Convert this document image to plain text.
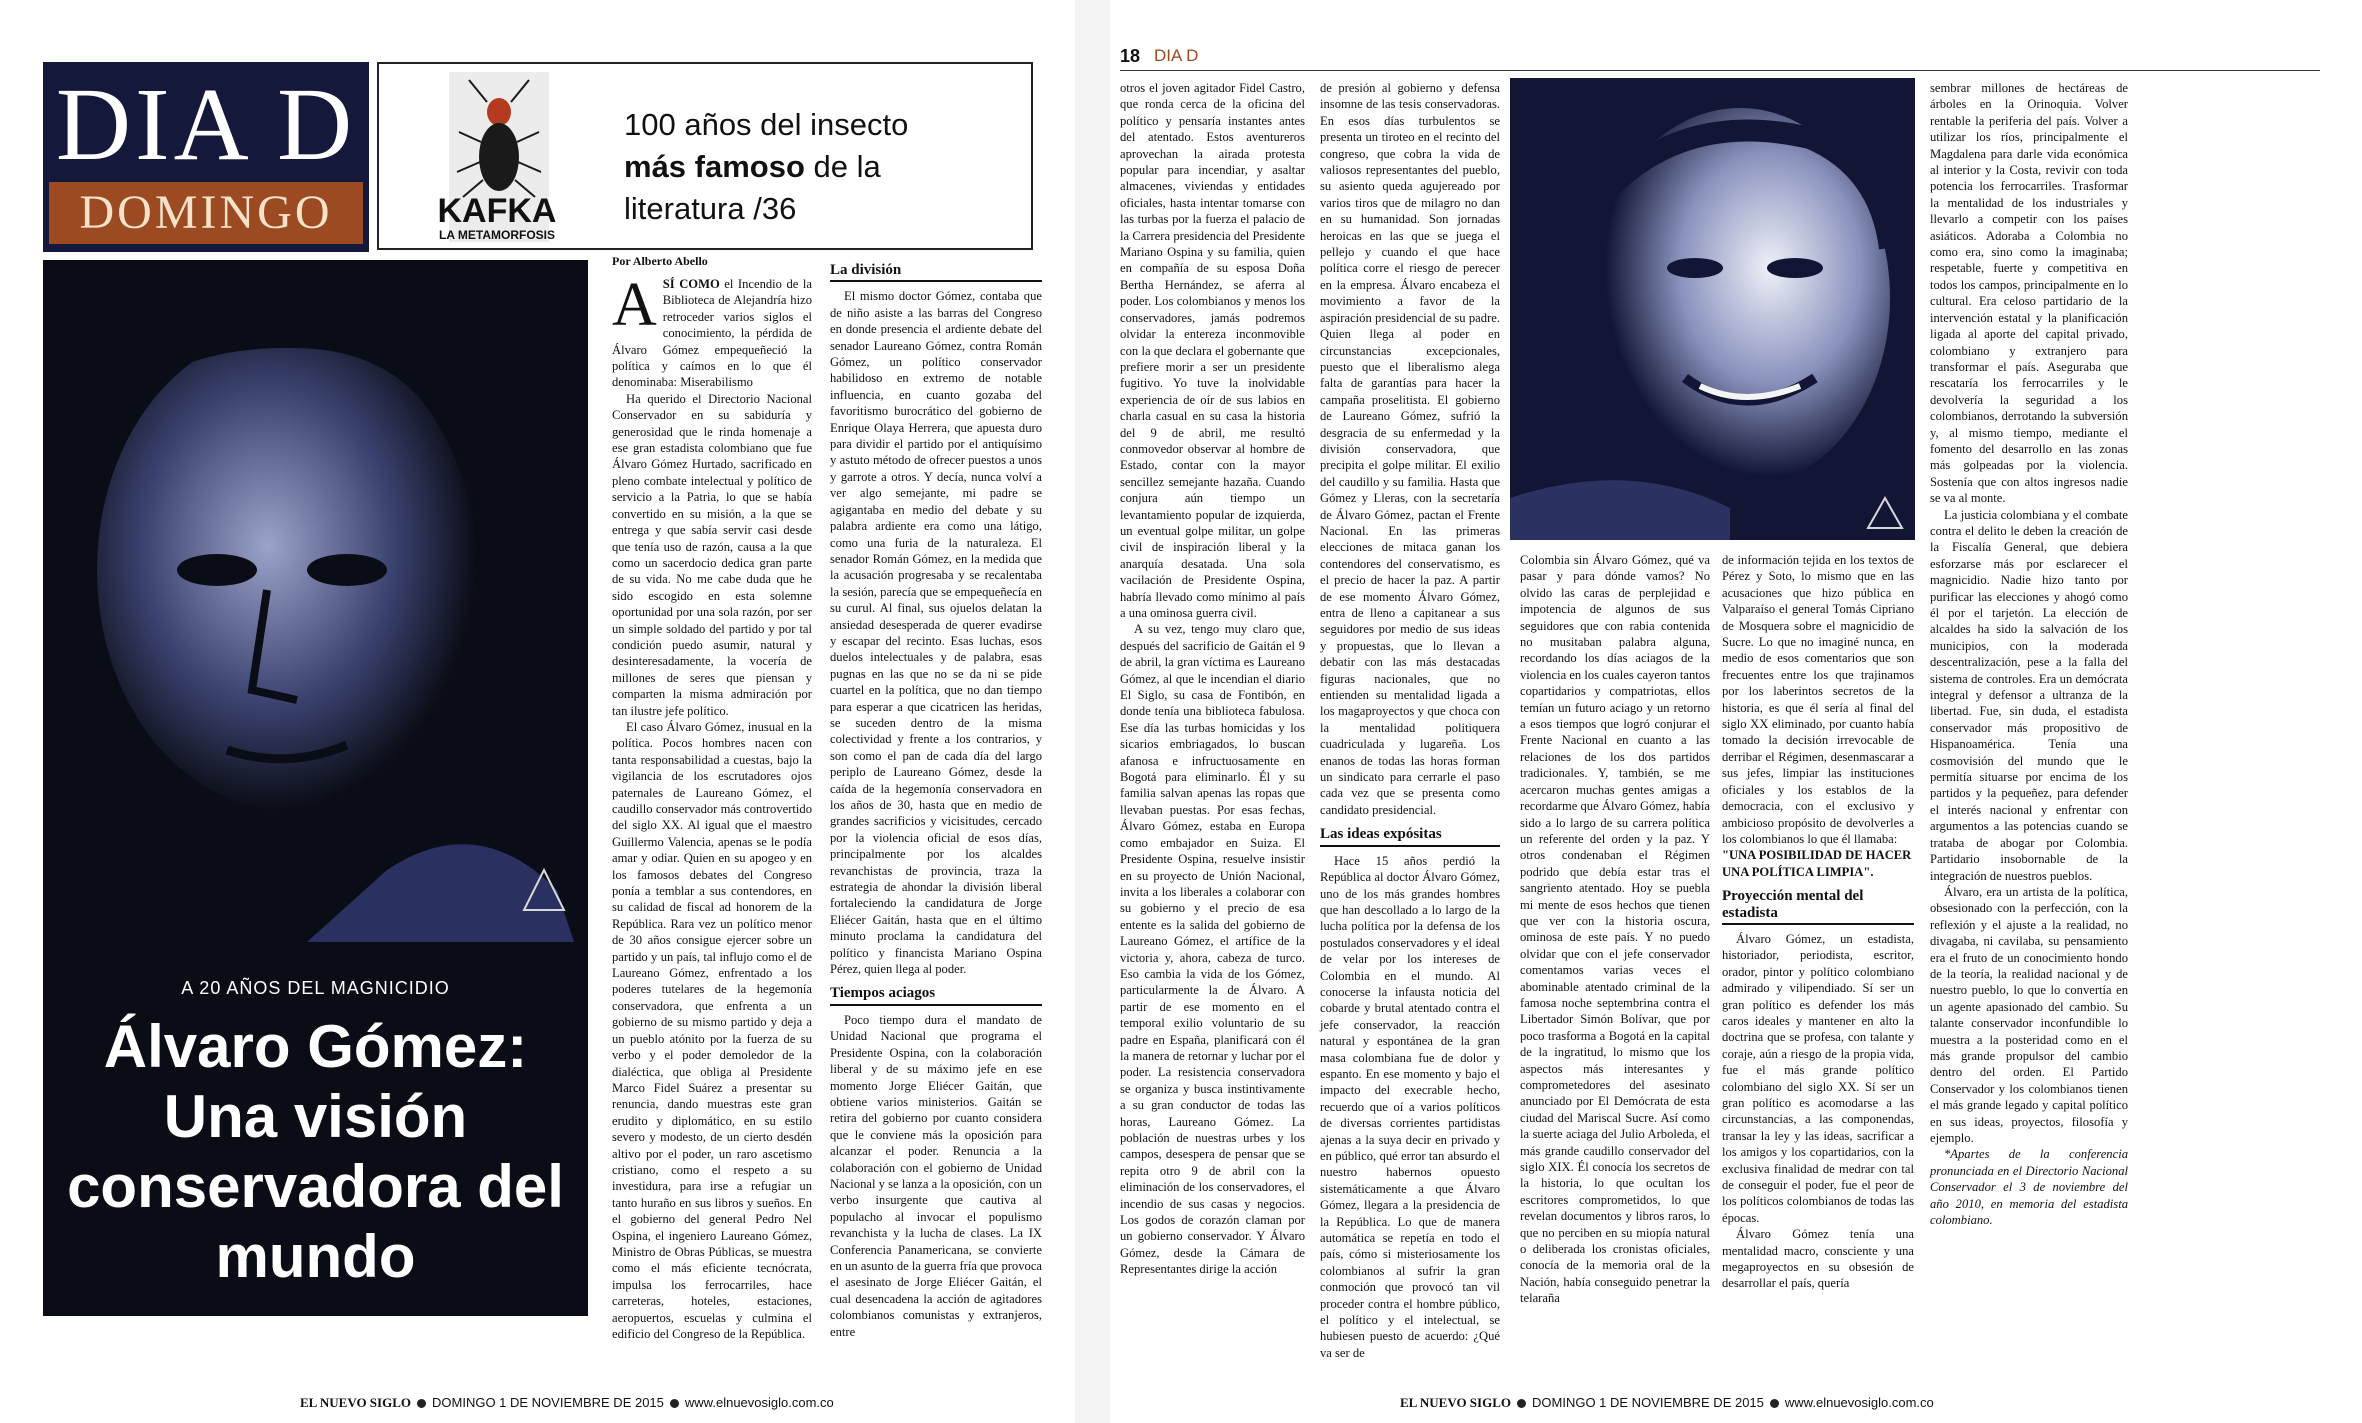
DIA D
DOMINGO	KAFKA
LA METAMORFOSIS
100 años del insecto
más famoso de la
literatura /36
A 20 AÑOS DEL MAGNICIDIO
Álvaro Gómez: Una visión conservadora del mundo
Por Alberto Abello

ASÍ COMO el Incendio de la Biblioteca de Alejandría hizo retroceder varios siglos el conocimiento, la pérdida de Álvaro Gómez empequeñeció la política y caímos en lo que él denominaba: Miserabilismo

Ha querido el Directorio Nacional Conservador en su sabiduría y generosidad que le rinda homenaje a ese gran estadista colombiano que fue Álvaro Gómez Hurtado, sacrificado en pleno combate intelectual y político de servicio a la Patria, lo que se había convertido en su misión, a la que se entrega y que sabía servir casi desde que tenía uso de razón, causa a la que como un sacerdocio dedica gran parte de su vida. No me cabe duda que he sido escogido en esta solemne oportunidad por una sola razón, por ser un simple soldado del partido y por tal condición puedo asumir, natural y desinteresadamente, la vocería de millones de seres que piensan y comparten la misma admiración por tan ilustre jefe político.

El caso Álvaro Gómez, inusual en la política. Pocos hombres nacen con tanta responsabilidad a cuestas, bajo la vigilancia de los escrutadores ojos paternales de Laureano Gómez, el caudillo conservador más controvertido del siglo XX. Al igual que el maestro Guillermo Valencia, apenas se le podía amar y odiar. Quien en su apogeo y en los famosos debates del Congreso ponía a temblar a sus contendores, en su calidad de fiscal ad honorem de la República. Rara vez un político menor de 30 años consigue ejercer sobre un partido y un país, tal influjo como el de Laureano Gómez, enfrentado a los poderes tutelares de la hegemonía conservadora, que enfrenta a un gobierno de su mismo partido y deja a un pueblo atónito por la fuerza de su verbo y el poder demoledor de la dialéctica, que obliga al Presidente Marco Fidel Suárez a presentar su renuncia, dando muestras este gran erudito y diplomático, en su estilo severo y modesto, de un cierto desdén altivo por el poder, un raro ascetismo cristiano, como el respeto a su investidura, para irse a refugiar un tanto huraño en sus libros y sueños. En el gobierno del general Pedro Nel Ospina, el ingeniero Laureano Gómez, Ministro de Obras Públicas, se muestra como el más eficiente tecnócrata, impulsa los ferrocarriles, hace carreteras, hoteles, estaciones, aeropuertos, escuelas y culmina el edificio del Congreso de la República.

La división

El mismo doctor Gómez, contaba que de niño asiste a las barras del Congreso en donde presencia el ardiente debate del senador Laureano Gómez, contra Román Gómez, un político conservador habilidoso en extremo de notable influencia, en cuanto gozaba del favoritismo burocrático del gobierno de Enrique Olaya Herrera, que apuesta duro para dividir el partido por el antiquísimo y astuto método de ofrecer puestos a unos y garrote a otros. Y decía, nunca volví a ver algo semejante, mi padre se agigantaba en medio del debate y su palabra ardiente era como una látigo, como una furia de la naturaleza. El senador Román Gómez, en la medida que la acusación progresaba y se recalentaba la sesión, parecía que se empequeñecía en su curul. Al final, sus ojuelos delatan la ansiedad desesperada de querer evadirse y escapar del recinto. Esas luchas, esos duelos intelectuales y de palabra, esas pugnas en las que no se da ni se pide cuartel en la política, que no dan tiempo para esperar a que cicatricen las heridas, se suceden dentro de la misma colectividad y frente a los contrarios, y son como el pan de cada día del largo periplo de Laureano Gómez, desde la caída de la hegemonía conservadora en los años de 30, hasta que en medio de grandes sacrificios y vicisitudes, cercado por la violencia oficial de esos días, principalmente por los alcaldes revanchistas de provincia, traza la estrategia de ahondar la división liberal fortaleciendo la candidatura de Jorge Eliécer Gaitán, hasta que en el último minuto proclama la candidatura del político y financista Mariano Ospina Pérez, quien llega al poder.

Tiempos aciagos

Poco tiempo dura el mandato de Unidad Nacional que programa el Presidente Ospina, con la colaboración liberal y de su máximo jefe en ese momento Jorge Eliécer Gaitán, que obtiene varios ministerios. Gaitán se retira del gobierno por cuanto considera que le conviene más la oposición para alcanzar el poder. Renuncia a la colaboración con el gobierno de Unidad Nacional y se lanza a la oposición, con un verbo insurgente que cautiva al populacho al invocar el populismo revanchista y la lucha de clases. La IX Conferencia Panamericana, se convierte en un asunto de la guerra fría que provoca el asesinato de Jorge Eliécer Gaitán, el cual desencadena la acción de agitadores colombianos comunistas y extranjeros, entre

EL NUEVO SIGLO DOMINGO 1 DE NOVIEMBRE DE 2015 www.elnuevosiglo.com.co
18 DIA D

otros el joven agitador Fidel Castro, que ronda cerca de la oficina del político y pensaría instantes antes del atentado. Estos aventureros aprovechan la airada protesta popular para incendiar, y asaltar almacenes, viviendas y entidades oficiales, hasta intentar tomarse con las turbas por la fuerza el palacio de la Carrera presidencia del Presidente Mariano Ospina y su familia, quien en compañía de su esposa Doña Bertha Hernández, se aferra al poder. Los colombianos y menos los conservadores, jamás podremos olvidar la entereza inconmovible con la que declara el gobernante que prefiere morir a ser un presidente fugitivo. Yo tuve la inolvidable experiencia de oír de sus labios en charla casual en su casa la historia del 9 de abril, me resultó conmovedor observar al hombre de Estado, contar con la mayor sencillez semejante hazaña. Cuando conjura aún tiempo un levantamiento popular de izquierda, un eventual golpe militar, un golpe civil de inspiración liberal y la anarquía desatada. Una sola vacilación de Presidente Ospina, habría llevado como mínimo al país a una ominosa guerra civil.

A su vez, tengo muy claro que, después del sacrificio de Gaitán el 9 de abril, la gran víctima es Laureano Gómez, al que le incendian el diario El Siglo, su casa de Fontibón, en donde tenía una biblioteca fabulosa. Ese día las turbas homicidas y los sicarios embriagados, lo buscan afanosa e infructuosamente en Bogotá para eliminarlo. Él y su familia salvan apenas las ropas que llevaban puestas. Por esas fechas, Álvaro Gómez, estaba en Europa como embajador en Suiza. El Presidente Ospina, resuelve insistir en su proyecto de Unión Nacional, invita a los liberales a colaborar con su gobierno y el precio de esa entente es la salida del gobierno de Laureano Gómez, el artífice de la victoria y, ahora, cabeza de turco. Eso cambia la vida de los Gómez, particularmente la de Álvaro. A partir de ese momento en el temporal exilio voluntario de su padre en España, planificará con él la manera de retornar y luchar por el poder. La resistencia conservadora se organiza y busca instintivamente a su gran conductor de todas las horas, Laureano Gómez. La población de nuestras urbes y los campos, desespera de pensar que se repita otro 9 de abril con la eliminación de los conservadores, el incendio de sus casas y negocios. Los godos de corazón claman por un gobierno conservador. Y Álvaro Gómez, desde la Cámara de Representantes dirige la acción

de presión al gobierno y defensa insomne de las tesis conservadoras. En esos días turbulentos se presenta un tiroteo en el recinto del congreso, que cobra la vida de valiosos representantes del pueblo, su asiento queda agujereado por varios tiros que de milagro no dan en su humanidad. Son jornadas heroicas en las que se juega el pellejo y cuando el que hace política corre el riesgo de perecer en la empresa. Álvaro encabeza el movimiento a favor de la aspiración presidencial de su padre. Quien llega al poder en circunstancias excepcionales, puesto que el liberalismo alega falta de garantías para hacer la campaña proselitista. El gobierno de Laureano Gómez, sufrió la desgracia de su enfermedad y la división conservadora, que precipita el golpe militar. El exilio del caudillo y su familia. Hasta que Gómez y Lleras, con la secretaría de Álvaro Gómez, pactan el Frente Nacional. En las primeras elecciones de mitaca ganan los contendores del conservatismo, es el precio de hacer la paz. A partir de ese momento Álvaro Gómez, entra de lleno a capitanear a sus seguidores por medio de sus ideas y propuestas, que lo llevan a debatir con las más destacadas figuras nacionales, que no entienden su mentalidad ligada a los magaproyectos y que choca con la mentalidad politiquera cuadriculada y lugareña. Los enanos de todas las horas forman un sindicato para cerrarle el paso cada vez que se presenta como candidato presidencial.

Las ideas expósitas

Hace 15 años perdió la República al doctor Álvaro Gómez, uno de los más grandes hombres que han descollado a lo largo de la lucha política por la defensa de los postulados conservadores y el ideal de velar por los intereses de Colombia en el mundo. Al conocerse la infausta noticia del cobarde y brutal atentado contra el jefe conservador, la reacción natural y espontánea de la gran masa colombiana fue de dolor y espanto. En ese momento y bajo el impacto del execrable hecho, recuerdo que oí a varios políticos de diversas corrientes partidistas ajenas a la suya decir en privado y en público, qué error tan absurdo el nuestro habernos opuesto sistemáticamente a que Álvaro Gómez, llegara a la presidencia de la República. Lo que de manera automática se repetía en todo el país, cómo si misteriosamente los colombianos al sufrir la gran conmoción que provocó tan vil proceder contra el hombre público, el político y el intelectual, se hubiesen puesto de acuerdo: ¿Qué va ser de

Colombia sin Álvaro Gómez, qué va pasar y para dónde vamos? No olvido las caras de perplejidad e impotencia de algunos de sus seguidores que con rabia contenida no musitaban palabra alguna, recordando los días aciagos de la violencia en los cuales cayeron tantos copartidarios y compatriotas, ellos temían un futuro aciago y un retorno a esos tiempos que logró conjurar el Frente Nacional en cuanto a las relaciones de los dos partidos tradicionales. Y, también, se me acercaron muchas gentes amigas a recordarme que Álvaro Gómez, había sido a lo largo de su carrera política un referente del orden y la paz. Y otros condenaban el Régimen podrido que debía estar tras el sangriento atentado. Hoy se puebla mi mente de esos hechos que tienen que ver con la historia oscura, ominosa de este país. Y no puedo olvidar que con el jefe conservador comentamos varias veces el abominable atentado criminal de la famosa noche septembrina contra el Libertador Simón Bolívar, que por poco trasforma a Bogotá en la capital de la ingratitud, lo mismo que los aspectos más interesantes y comprometedores del asesinato anunciado por El Demócrata de esta ciudad del Mariscal Sucre. Así como la suerte aciaga del Julio Arboleda, el más grande caudillo conservador del siglo XIX. Él conocía los secretos de la historia, lo que ocultan los escritores comprometidos, lo que revelan documentos y libros raros, lo que no perciben en su miopía natural o deliberada los cronistas oficiales, conocía de la memoria oral de la Nación, había conseguido penetrar la telaraña

de información tejida en los textos de Pérez y Soto, lo mismo que en las acusaciones que hizo pública en Valparaíso el general Tomás Cipriano de Mosquera sobre el magnicidio de Sucre. Lo que no imaginé nunca, en medio de esos comentarios que son frecuentes entre los que trajinamos por los laberintos secretos de la historia, es que él sería al final del siglo XX eliminado, por cuanto había tomado la decisión irrevocable de derribar el Régimen, desenmascarar a sus jefes, limpiar las instituciones oficiales y los establos de la democracia, con el exclusivo y ambicioso propósito de devolverles a los colombianos lo que él llamaba:

"UNA POSIBILIDAD DE HACER UNA POLÍTICA LIMPIA".

Proyección mental del estadista

Álvaro Gómez, un estadista, historiador, periodista, escritor, orador, pintor y político colombiano admirado y vilipendiado. Sí ser un gran político es defender los más caros ideales y mantener en alto la doctrina que se profesa, con talante y coraje, aún a riesgo de la propia vida, fue el más grande político colombiano del siglo XX. Sí ser un gran político es acomodarse a las circunstancias, a las componendas, transar la ley y las ideas, sacrificar a los amigos y los copartidarios, con la exclusiva finalidad de medrar con tal de conseguir el poder, fue el peor de los políticos colombianos de todas las épocas.

Álvaro Gómez tenía una mentalidad macro, consciente y una megaproyectos en su obsesión de desarrollar el país, quería

sembrar millones de hectáreas de árboles en la Orinoquia. Volver rentable la periferia del país. Volver a utilizar los ríos, principalmente el Magdalena para darle vida económica al interior y la Costa, revivir con toda potencia los ferrocarriles. Trasformar la mentalidad de los industriales y llevarlo a competir con los países asiáticos. Adoraba a Colombia no como era, sino como la imaginaba; respetable, fuerte y competitiva en todos los campos, principalmente en lo cultural. Era celoso partidario de la intervención estatal y la planificación ligada al aporte del capital privado, colombiano y extranjero para transformar el país. Aseguraba que rescataría los ferrocarriles y le devolvería la seguridad a los colombianos, derrotando la subversión y, al mismo tiempo, mediante el fomento del desarrollo en las zonas más golpeadas por la violencia. Sostenía que con altos ingresos nadie se va al monte.

La justicia colombiana y el combate contra el delito le deben la creación de la Fiscalía General, que debiera esforzarse más por esclarecer el magnicidio. Nadie hizo tanto por purificar las elecciones y ahogó como él por el tarjetón. La elección de alcaldes ha sido la salvación de los municipios, con la moderada descentralización, pese a la falla del sistema de controles. Era un demócrata integral y defensor a ultranza de la libertad. Fue, sin duda, el estadista conservador más propositivo de Hispanoamérica. Tenía una cosmovisión del mundo que le permitía situarse por encima de los partidos y la pequeñez, para defender el interés nacional y enfrentar con argumentos a las potencias cuando se trataba de abogar por Colombia. Partidario insobornable de la integración de nuestros pueblos.

Álvaro, era un artista de la política, obsesionado con la perfección, con la reflexión y el ajuste a la realidad, no divagaba, ni cavilaba, su pensamiento era el fruto de un conocimiento hondo de la teoría, la realidad nacional y de nuestro pueblo, lo que lo convertía en un agente apasionado del cambio. Su talante conservador inconfundible lo muestra a la posteridad como en el más grande propulsor del cambio dentro del orden. El Partido Conservador y los colombianos tienen el más grande legado y capital político en sus ideas, proyectos, filosofía y ejemplo.

*Apartes de la conferencia pronunciada en el Directorio Nacional Conservador el 3 de noviembre del año 2010, en memoria del estadista colombiano.

EL NUEVO SIGLO DOMINGO 1 DE NOVIEMBRE DE 2015 www.elnuevosiglo.com.co
